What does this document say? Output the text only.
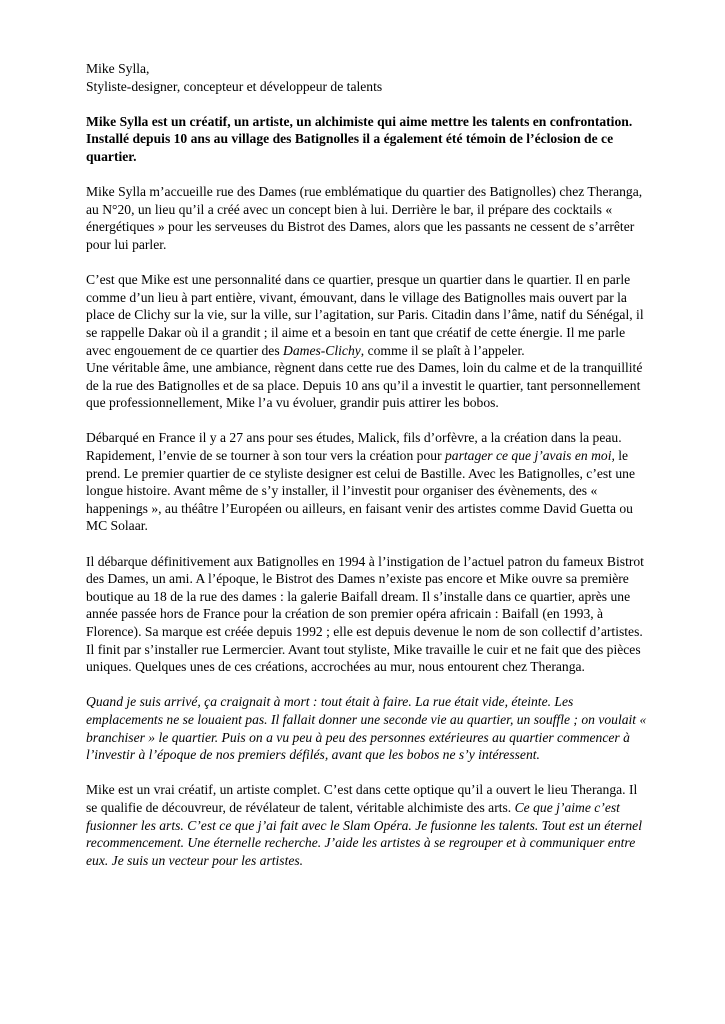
Mike Sylla,

Styliste-designer, concepteur et développeur de talents

Mike Sylla est un créatif, un artiste, un alchimiste qui aime mettre les talents en confrontation. Installé depuis 10 ans au village des Batignolles il a également été témoin de l’éclosion de ce quartier.

Mike Sylla m’accueille rue des Dames (rue emblématique du quartier des Batignolles) chez Theranga, au N°20, un lieu qu’il a créé avec un concept bien à lui. Derrière le bar, il prépare des cocktails « énergétiques » pour les serveuses du Bistrot des Dames, alors que les passants ne cessent de s’arrêter pour lui parler.

C’est que Mike est une personnalité dans ce quartier, presque un quartier dans le quartier. Il en parle comme d’un lieu à part entière, vivant, émouvant, dans le village des Batignolles mais ouvert par la place de Clichy sur la vie, sur la ville, sur l’agitation, sur Paris. Citadin dans l’âme, natif du Sénégal, il se rappelle Dakar où il a grandit ; il aime et a besoin en tant que créatif de cette énergie. Il me parle avec engouement de ce quartier des Dames-Clichy, comme il se plaît à l’appeler.

Une véritable âme, une ambiance, règnent dans cette rue des Dames, loin du calme et de la tranquillité de la rue des Batignolles et de sa place. Depuis 10 ans qu’il a investit le quartier, tant personnellement que professionnellement, Mike l’a vu évoluer, grandir puis attirer les bobos.

Débarqué en France il y a 27 ans pour ses études, Malick, fils d’orfèvre, a la création dans la peau. Rapidement, l’envie de se tourner à son tour vers la création pour partager ce que j’avais en moi, le prend. Le premier quartier de ce styliste designer est celui de Bastille. Avec les Batignolles, c’est une longue histoire. Avant même de s’y installer, il l’investit pour organiser des évènements, des « happenings », au théâtre l’Européen ou ailleurs, en faisant venir des artistes comme David Guetta ou MC Solaar.

Il débarque définitivement aux Batignolles en 1994 à l’instigation de l’actuel patron du fameux Bistrot des Dames, un ami. A l’époque, le Bistrot des Dames n’existe pas encore et Mike ouvre sa première boutique au 18 de la rue des dames : la galerie Baifall dream. Il s’installe dans ce quartier, après une année passée hors de France pour la création de son premier opéra africain : Baifall (en 1993, à Florence). Sa marque est créée depuis 1992 ; elle est depuis devenue le nom de son collectif d’artistes. Il finit par s’installer rue Lermercier. Avant tout styliste, Mike travaille le cuir et ne fait que des pièces uniques. Quelques unes de ces créations, accrochées au mur, nous entourent chez Theranga.

Quand je suis arrivé, ça craignait à mort : tout était à faire. La rue était vide, éteinte. Les emplacements ne se louaient pas. Il fallait donner une seconde vie au quartier, un souffle ; on voulait « branchiser » le quartier. Puis on a vu peu à peu des personnes extérieures au quartier commencer à l’investir à l’époque de nos premiers défilés, avant que les bobos ne s’y intéressent.

Mike est un vrai créatif, un artiste complet. C’est dans cette optique qu’il a ouvert le lieu Theranga. Il se qualifie de découvreur, de révélateur de talent, véritable alchimiste des arts. Ce que j’aime c’est fusionner les arts. C’est ce que j’ai fait avec le Slam Opéra. Je fusionne les talents. Tout est un éternel recommencement. Une éternelle recherche. J’aide les artistes à se regrouper et à communiquer entre eux. Je suis un vecteur pour les artistes.
